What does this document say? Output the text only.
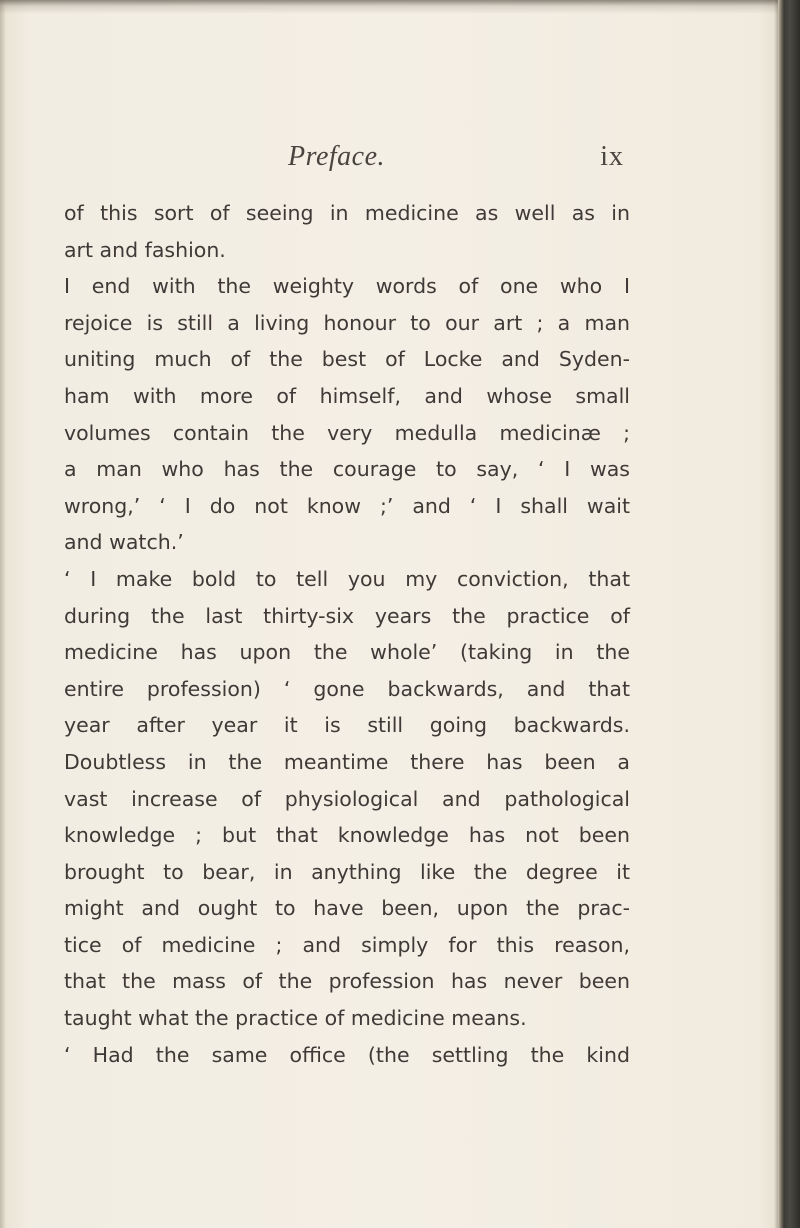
Preface.	ix
of this sort of seeing in medicine as well as in
art and fashion.
I end with the weighty words of one who I
rejoice is still a living honour to our art ; a man
uniting much of the best of Locke and Syden-
ham with more of himself, and whose small
volumes contain the very medulla medicinæ ;
a man who has the courage to say, ‘ I was
wrong,’ ‘ I do not know ;’ and ‘ I shall wait
and watch.’
‘ I make bold to tell you my conviction, that
during the last thirty-six years the practice of
medicine has upon the whole’ (taking in the
entire profession) ‘ gone backwards, and that
year after year it is still going backwards.
Doubtless in the meantime there has been a
vast increase of physiological and pathological
knowledge ; but that knowledge has not been
brought to bear, in anything like the degree it
might and ought to have been, upon the prac-
tice of medicine ; and simply for this reason,
that the mass of the profession has never been
taught what the practice of medicine means.
‘ Had the same office (the settling the kind
